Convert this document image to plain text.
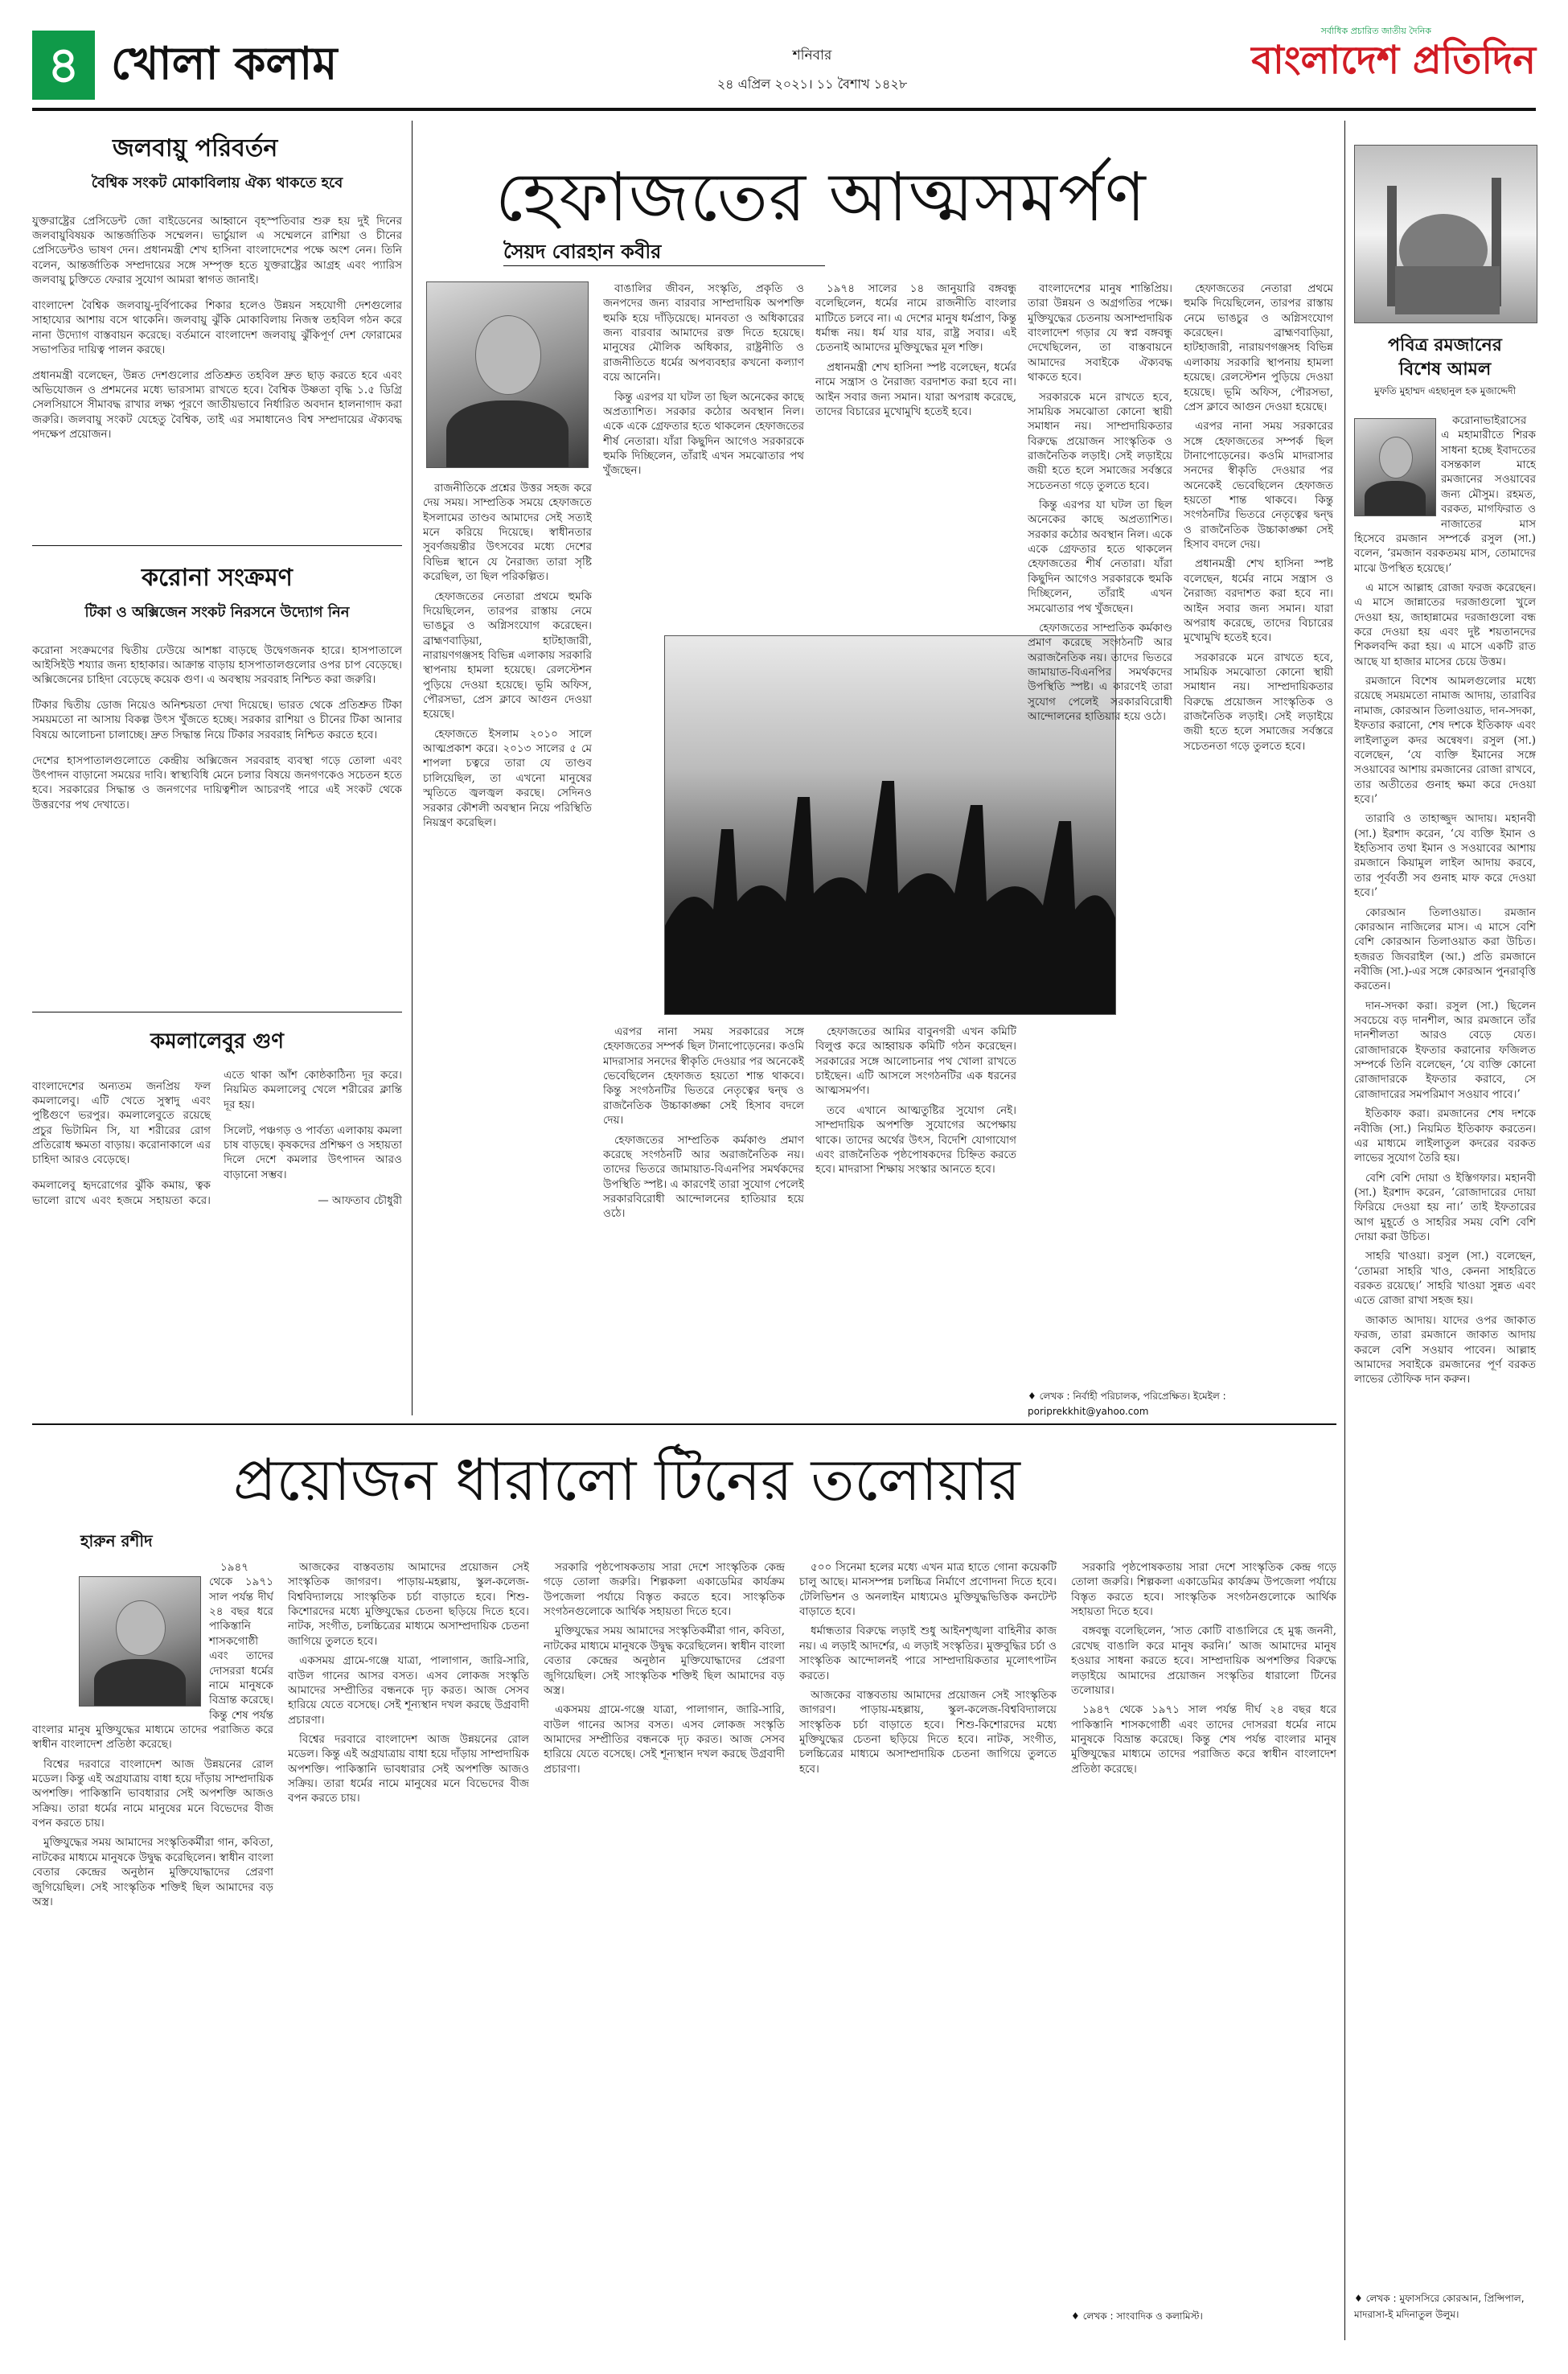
৪ খোলা কলাম	শনিবার
২৪ এপ্রিল ২০২১। ১১ বৈশাখ ১৪২৮
সর্বাধিক প্রচারিত জাতীয় দৈনিক
বাংলাদেশ প্রতিদিন
জলবায়ু পরিবর্তন
বৈশ্বিক সংকট মোকাবিলায় ঐক্য থাকতে হবে

যুক্তরাষ্ট্রের প্রেসিডেন্ট জো বাইডেনের আহ্বানে বৃহস্পতিবার শুরু হয় দুই দিনের জলবায়ুবিষয়ক আন্তর্জাতিক সম্মেলন। ভার্চুয়াল এ সম্মেলনে রাশিয়া ও চীনের প্রেসিডেন্টও ভাষণ দেন। প্রধানমন্ত্রী শেখ হাসিনা বাংলাদেশের পক্ষে অংশ নেন। তিনি বলেন, আন্তর্জাতিক সম্প্রদায়ের সঙ্গে সম্পৃক্ত হতে যুক্তরাষ্ট্রের আগ্রহ এবং প্যারিস জলবায়ু চুক্তিতে ফেরার সুযোগ আমরা স্বাগত জানাই।

বাংলাদেশ বৈশ্বিক জলবায়ু-দুর্বিপাকের শিকার হলেও উন্নয়ন সহযোগী দেশগুলোর সাহায্যের আশায় বসে থাকেনি। জলবায়ু ঝুঁকি মোকাবিলায় নিজস্ব তহবিল গঠন করে নানা উদ্যোগ বাস্তবায়ন করেছে। বর্তমানে বাংলাদেশ জলবায়ু ঝুঁকিপূর্ণ দেশ ফোরামের সভাপতির দায়িত্ব পালন করছে।

প্রধানমন্ত্রী বলেছেন, উন্নত দেশগুলোর প্রতিশ্রুত তহবিল দ্রুত ছাড় করতে হবে এবং অভিযোজন ও প্রশমনের মধ্যে ভারসাম্য রাখতে হবে। বৈশ্বিক উষ্ণতা বৃদ্ধি ১.৫ ডিগ্রি সেলসিয়াসে সীমাবদ্ধ রাখার লক্ষ্য পূরণে জাতীয়ভাবে নির্ধারিত অবদান হালনাগাদ করা জরুরি। জলবায়ু সংকট যেহেতু বৈশ্বিক, তাই এর সমাধানেও বিশ্ব সম্প্রদায়ের ঐক্যবদ্ধ পদক্ষেপ প্রয়োজন।

করোনা সংক্রমণ
টিকা ও অক্সিজেন সংকট নিরসনে উদ্যোগ নিন

করোনা সংক্রমণের দ্বিতীয় ঢেউয়ে আশঙ্কা বাড়ছে উদ্বেগজনক হারে। হাসপাতালে আইসিইউ শয্যার জন্য হাহাকার। আক্রান্ত বাড়ায় হাসপাতালগুলোর ওপর চাপ বেড়েছে। অক্সিজেনের চাহিদা বেড়েছে কয়েক গুণ। এ অবস্থায় সরবরাহ নিশ্চিত করা জরুরি।

টিকার দ্বিতীয় ডোজ নিয়েও অনিশ্চয়তা দেখা দিয়েছে। ভারত থেকে প্রতিশ্রুত টিকা সময়মতো না আসায় বিকল্প উৎস খুঁজতে হচ্ছে। সরকার রাশিয়া ও চীনের টিকা আনার বিষয়ে আলোচনা চালাচ্ছে। দ্রুত সিদ্ধান্ত নিয়ে টিকার সরবরাহ নিশ্চিত করতে হবে।

দেশের হাসপাতালগুলোতে কেন্দ্রীয় অক্সিজেন সরবরাহ ব্যবস্থা গড়ে তোলা এবং উৎপাদন বাড়ানো সময়ের দাবি। স্বাস্থ্যবিধি মেনে চলার বিষয়ে জনগণকেও সচেতন হতে হবে। সরকারের সিদ্ধান্ত ও জনগণের দায়িত্বশীল আচরণই পারে এই সংকট থেকে উত্তরণের পথ দেখাতে।

কমলালেবুর গুণ

বাংলাদেশের অন্যতম জনপ্রিয় ফল কমলালেবু। এটি খেতে সুস্বাদু এবং পুষ্টিগুণে ভরপুর। কমলালেবুতে রয়েছে প্রচুর ভিটামিন সি, যা শরীরের রোগ প্রতিরোধ ক্ষমতা বাড়ায়। করোনাকালে এর চাহিদা আরও বেড়েছে।

কমলালেবু হৃদরোগের ঝুঁকি কমায়, ত্বক ভালো রাখে এবং হজমে সহায়তা করে। এতে থাকা আঁশ কোষ্ঠকাঠিন্য দূর করে। নিয়মিত কমলালেবু খেলে শরীরের ক্লান্তি দূর হয়।

সিলেট, পঞ্চগড় ও পার্বত্য এলাকায় কমলা চাষ বাড়ছে। কৃষকদের প্রশিক্ষণ ও সহায়তা দিলে দেশে কমলার উৎপাদন আরও বাড়ানো সম্ভব।

— আফতাব চৌধুরী

হেফাজতের আত্মসমর্পণ
সৈয়দ বোরহান কবীর

রাজনীতিকে প্রশ্নের উত্তর সহজ করে দেয় সময়। সাম্প্রতিক সময়ে হেফাজতে ইসলামের তাণ্ডব আমাদের সেই সত্যই মনে করিয়ে দিয়েছে। স্বাধীনতার সুবর্ণজয়ন্তীর উৎসবের মধ্যে দেশের বিভিন্ন স্থানে যে নৈরাজ্য তারা সৃষ্টি করেছিল, তা ছিল পরিকল্পিত।

হেফাজতের নেতারা প্রথমে হুমকি দিয়েছিলেন, তারপর রাস্তায় নেমে ভাঙচুর ও অগ্নিসংযোগ করেছেন। ব্রাহ্মণবাড়িয়া, হাটহাজারী, নারায়ণগঞ্জসহ বিভিন্ন এলাকায় সরকারি স্থাপনায় হামলা হয়েছে। রেলস্টেশন পুড়িয়ে দেওয়া হয়েছে। ভূমি অফিস, পৌরসভা, প্রেস ক্লাবে আগুন দেওয়া হয়েছে।

হেফাজতে ইসলাম ২০১০ সালে আত্মপ্রকাশ করে। ২০১৩ সালের ৫ মে শাপলা চত্বরে তারা যে তাণ্ডব চালিয়েছিল, তা এখনো মানুষের স্মৃতিতে জ্বলজ্বল করছে। সেদিনও সরকার কৌশলী অবস্থান নিয়ে পরিস্থিতি নিয়ন্ত্রণ করেছিল।

বাঙালির জীবন, সংস্কৃতি, প্রকৃতি ও জনপদের জন্য বারবার সাম্প্রদায়িক অপশক্তি হুমকি হয়ে দাঁড়িয়েছে। মানবতা ও অধিকারের জন্য বারবার আমাদের রক্ত দিতে হয়েছে। মানুষের মৌলিক অধিকার, রাষ্ট্রনীতি ও রাজনীতিতে ধর্মের অপব্যবহার কখনো কল্যাণ বয়ে আনেনি।

কিন্তু এরপর যা ঘটল তা ছিল অনেকের কাছে অপ্রত্যাশিত। সরকার কঠোর অবস্থান নিল। একে একে গ্রেফতার হতে থাকলেন হেফাজতের শীর্ষ নেতারা। যাঁরা কিছুদিন আগেও সরকারকে হুমকি দিচ্ছিলেন, তাঁরাই এখন সমঝোতার পথ খুঁজছেন।

এরপর নানা সময় সরকারের সঙ্গে হেফাজতের সম্পর্ক ছিল টানাপোড়েনের। কওমি মাদরাসার সনদের স্বীকৃতি দেওয়ার পর অনেকেই ভেবেছিলেন হেফাজত হয়তো শান্ত থাকবে। কিন্তু সংগঠনটির ভিতরে নেতৃত্বের দ্বন্দ্ব ও রাজনৈতিক উচ্চাকাঙ্ক্ষা সেই হিসাব বদলে দেয়।

হেফাজতের সাম্প্রতিক কর্মকাণ্ড প্রমাণ করেছে সংগঠনটি আর অরাজনৈতিক নয়। তাদের ভিতরে জামায়াত-বিএনপির সমর্থকদের উপস্থিতি স্পষ্ট। এ কারণেই তারা সুযোগ পেলেই সরকারবিরোধী আন্দোলনের হাতিয়ার হয়ে ওঠে।

১৯৭৪ সালের ১৪ জানুয়ারি বঙ্গবন্ধু বলেছিলেন, ধর্মের নামে রাজনীতি বাংলার মাটিতে চলবে না। এ দেশের মানুষ ধর্মপ্রাণ, কিন্তু ধর্মান্ধ নয়। ধর্ম যার যার, রাষ্ট্র সবার। এই চেতনাই আমাদের মুক্তিযুদ্ধের মূল শক্তি।

প্রধানমন্ত্রী শেখ হাসিনা স্পষ্ট বলেছেন, ধর্মের নামে সন্ত্রাস ও নৈরাজ্য বরদাশত করা হবে না। আইন সবার জন্য সমান। যারা অপরাধ করেছে, তাদের বিচারের মুখোমুখি হতেই হবে।

হেফাজতের আমির বাবুনগরী এখন কমিটি বিলুপ্ত করে আহ্বায়ক কমিটি গঠন করেছেন। সরকারের সঙ্গে আলোচনার পথ খোলা রাখতে চাইছেন। এটি আসলে সংগঠনটির এক ধরনের আত্মসমর্পণ।

তবে এখানে আত্মতুষ্টির সুযোগ নেই। সাম্প্রদায়িক অপশক্তি সুযোগের অপেক্ষায় থাকে। তাদের অর্থের উৎস, বিদেশি যোগাযোগ এবং রাজনৈতিক পৃষ্ঠপোষকদের চিহ্নিত করতে হবে। মাদরাসা শিক্ষায় সংস্কার আনতে হবে।

বাংলাদেশের মানুষ শান্তিপ্রিয়। তারা উন্নয়ন ও অগ্রগতির পক্ষে। মুক্তিযুদ্ধের চেতনায় অসাম্প্রদায়িক বাংলাদেশ গড়ার যে স্বপ্ন বঙ্গবন্ধু দেখেছিলেন, তা বাস্তবায়নে আমাদের সবাইকে ঐক্যবদ্ধ থাকতে হবে।

সরকারকে মনে রাখতে হবে, সাময়িক সমঝোতা কোনো স্থায়ী সমাধান নয়। সাম্প্রদায়িকতার বিরুদ্ধে প্রয়োজন সাংস্কৃতিক ও রাজনৈতিক লড়াই। সেই লড়াইয়ে জয়ী হতে হলে সমাজের সর্বস্তরে সচেতনতা গড়ে তুলতে হবে।

কিন্তু এরপর যা ঘটল তা ছিল অনেকের কাছে অপ্রত্যাশিত। সরকার কঠোর অবস্থান নিল। একে একে গ্রেফতার হতে থাকলেন হেফাজতের শীর্ষ নেতারা। যাঁরা কিছুদিন আগেও সরকারকে হুমকি দিচ্ছিলেন, তাঁরাই এখন সমঝোতার পথ খুঁজছেন।

হেফাজতের সাম্প্রতিক কর্মকাণ্ড প্রমাণ করেছে সংগঠনটি আর অরাজনৈতিক নয়। তাদের ভিতরে জামায়াত-বিএনপির সমর্থকদের উপস্থিতি স্পষ্ট। এ কারণেই তারা সুযোগ পেলেই সরকারবিরোধী আন্দোলনের হাতিয়ার হয়ে ওঠে।

হেফাজতের নেতারা প্রথমে হুমকি দিয়েছিলেন, তারপর রাস্তায় নেমে ভাঙচুর ও অগ্নিসংযোগ করেছেন। ব্রাহ্মণবাড়িয়া, হাটহাজারী, নারায়ণগঞ্জসহ বিভিন্ন এলাকায় সরকারি স্থাপনায় হামলা হয়েছে। রেলস্টেশন পুড়িয়ে দেওয়া হয়েছে। ভূমি অফিস, পৌরসভা, প্রেস ক্লাবে আগুন দেওয়া হয়েছে।

এরপর নানা সময় সরকারের সঙ্গে হেফাজতের সম্পর্ক ছিল টানাপোড়েনের। কওমি মাদরাসার সনদের স্বীকৃতি দেওয়ার পর অনেকেই ভেবেছিলেন হেফাজত হয়তো শান্ত থাকবে। কিন্তু সংগঠনটির ভিতরে নেতৃত্বের দ্বন্দ্ব ও রাজনৈতিক উচ্চাকাঙ্ক্ষা সেই হিসাব বদলে দেয়।

প্রধানমন্ত্রী শেখ হাসিনা স্পষ্ট বলেছেন, ধর্মের নামে সন্ত্রাস ও নৈরাজ্য বরদাশত করা হবে না। আইন সবার জন্য সমান। যারা অপরাধ করেছে, তাদের বিচারের মুখোমুখি হতেই হবে।

সরকারকে মনে রাখতে হবে, সাময়িক সমঝোতা কোনো স্থায়ী সমাধান নয়। সাম্প্রদায়িকতার বিরুদ্ধে প্রয়োজন সাংস্কৃতিক ও রাজনৈতিক লড়াই। সেই লড়াইয়ে জয়ী হতে হলে সমাজের সর্বস্তরে সচেতনতা গড়ে তুলতে হবে।

♦ লেখক : নির্বাহী পরিচালক, পরিপ্রেক্ষিত। ইমেইল : poriprekkhit@yahoo.com
পবিত্র রমজানের
বিশেষ আমল
মুফতি মুহাম্মদ এহছানুল হক মুজাদ্দেদী

করোনাভাইরাসের এ মহামারীতে শিরক সাধনা হচ্ছে ইবাদতের বসন্তকাল মাহে রমজানের সওয়াবের জন্য মৌসুম। রহমত, বরকত, মাগফিরাত ও নাজাতের মাস হিসেবে রমজান সম্পর্কে রসুল (সা.) বলেন, ‘রমজান বরকতময় মাস, তোমাদের মাঝে উপস্থিত হয়েছে।’

এ মাসে আল্লাহ রোজা ফরজ করেছেন। এ মাসে জান্নাতের দরজাগুলো খুলে দেওয়া হয়, জাহান্নামের দরজাগুলো বন্ধ করে দেওয়া হয় এবং দুষ্ট শয়তানদের শিকলবন্দি করা হয়। এ মাসে একটি রাত আছে যা হাজার মাসের চেয়ে উত্তম।

রমজানে বিশেষ আমলগুলোর মধ্যে রয়েছে সময়মতো নামাজ আদায়, তারাবির নামাজ, কোরআন তিলাওয়াত, দান-সদকা, ইফতার করানো, শেষ দশকে ইতিকাফ এবং লাইলাতুল কদর অন্বেষণ। রসুল (সা.) বলেছেন, ‘যে ব্যক্তি ইমানের সঙ্গে সওয়াবের আশায় রমজানের রোজা রাখবে, তার অতীতের গুনাহ ক্ষমা করে দেওয়া হবে।’

তারাবি ও তাহাজ্জুদ আদায়। মহানবী (সা.) ইরশাদ করেন, ‘যে ব্যক্তি ইমান ও ইহতিসাব তথা ইমান ও সওয়াবের আশায় রমজানে কিয়ামুল লাইল আদায় করবে, তার পূর্ববর্তী সব গুনাহ মাফ করে দেওয়া হবে।’

কোরআন তিলাওয়াত। রমজান কোরআন নাজিলের মাস। এ মাসে বেশি বেশি কোরআন তিলাওয়াত করা উচিত। হজরত জিবরাইল (আ.) প্রতি রমজানে নবীজি (সা.)-এর সঙ্গে কোরআন পুনরাবৃত্তি করতেন।

দান-সদকা করা। রসুল (সা.) ছিলেন সবচেয়ে বড় দানশীল, আর রমজানে তাঁর দানশীলতা আরও বেড়ে যেত। রোজাদারকে ইফতার করানোর ফজিলত সম্পর্কে তিনি বলেছেন, ‘যে ব্যক্তি কোনো রোজাদারকে ইফতার করাবে, সে রোজাদারের সমপরিমাণ সওয়াব পাবে।’

ইতিকাফ করা। রমজানের শেষ দশকে নবীজি (সা.) নিয়মিত ইতিকাফ করতেন। এর মাধ্যমে লাইলাতুল কদরের বরকত লাভের সুযোগ তৈরি হয়।

বেশি বেশি দোয়া ও ইস্তিগফার। মহানবী (সা.) ইরশাদ করেন, ‘রোজাদারের দোয়া ফিরিয়ে দেওয়া হয় না।’ তাই ইফতারের আগ মুহূর্তে ও সাহরির সময় বেশি বেশি দোয়া করা উচিত।

সাহরি খাওয়া। রসুল (সা.) বলেছেন, ‘তোমরা সাহরি খাও, কেননা সাহরিতে বরকত রয়েছে।’ সাহরি খাওয়া সুন্নত এবং এতে রোজা রাখা সহজ হয়।

জাকাত আদায়। যাদের ওপর জাকাত ফরজ, তারা রমজানে জাকাত আদায় করলে বেশি সওয়াব পাবেন। আল্লাহ আমাদের সবাইকে রমজানের পূর্ণ বরকত লাভের তৌফিক দান করুন।

♦ লেখক : মুফাসসিরে কোরআন, প্রিন্সিপাল, মাদরাসা-ই মদিনাতুল উলুম।
প্রয়োজন ধারালো টিনের তলোয়ার
হারুন রশীদ

১৯৪৭ থেকে ১৯৭১ সাল পর্যন্ত দীর্ঘ ২৪ বছর ধরে পাকিস্তানি শাসকগোষ্ঠী এবং তাদের দোসররা ধর্মের নামে মানুষকে বিভ্রান্ত করেছে। কিন্তু শেষ পর্যন্ত বাংলার মানুষ মুক্তিযুদ্ধের মাধ্যমে তাদের পরাজিত করে স্বাধীন বাংলাদেশ প্রতিষ্ঠা করেছে।

বিশ্বের দরবারে বাংলাদেশ আজ উন্নয়নের রোল মডেল। কিন্তু এই অগ্রযাত্রায় বাধা হয়ে দাঁড়ায় সাম্প্রদায়িক অপশক্তি। পাকিস্তানি ভাবধারার সেই অপশক্তি আজও সক্রিয়। তারা ধর্মের নামে মানুষের মনে বিভেদের বীজ বপন করতে চায়।

মুক্তিযুদ্ধের সময় আমাদের সংস্কৃতিকর্মীরা গান, কবিতা, নাটকের মাধ্যমে মানুষকে উদ্বুদ্ধ করেছিলেন। স্বাধীন বাংলা বেতার কেন্দ্রের অনুষ্ঠান মুক্তিযোদ্ধাদের প্রেরণা জুগিয়েছিল। সেই সাংস্কৃতিক শক্তিই ছিল আমাদের বড় অস্ত্র।

আজকের বাস্তবতায় আমাদের প্রয়োজন সেই সাংস্কৃতিক জাগরণ। পাড়ায়-মহল্লায়, স্কুল-কলেজ-বিশ্ববিদ্যালয়ে সাংস্কৃতিক চর্চা বাড়াতে হবে। শিশু-কিশোরদের মধ্যে মুক্তিযুদ্ধের চেতনা ছড়িয়ে দিতে হবে। নাটক, সংগীত, চলচ্চিত্রের মাধ্যমে অসাম্প্রদায়িক চেতনা জাগিয়ে তুলতে হবে।

একসময় গ্রামে-গঞ্জে যাত্রা, পালাগান, জারি-সারি, বাউল গানের আসর বসত। এসব লোকজ সংস্কৃতি আমাদের সম্প্রীতির বন্ধনকে দৃঢ় করত। আজ সেসব হারিয়ে যেতে বসেছে। সেই শূন্যস্থান দখল করছে উগ্রবাদী প্রচারণা।

বিশ্বের দরবারে বাংলাদেশ আজ উন্নয়নের রোল মডেল। কিন্তু এই অগ্রযাত্রায় বাধা হয়ে দাঁড়ায় সাম্প্রদায়িক অপশক্তি। পাকিস্তানি ভাবধারার সেই অপশক্তি আজও সক্রিয়। তারা ধর্মের নামে মানুষের মনে বিভেদের বীজ বপন করতে চায়।

সরকারি পৃষ্ঠপোষকতায় সারা দেশে সাংস্কৃতিক কেন্দ্র গড়ে তোলা জরুরি। শিল্পকলা একাডেমির কার্যক্রম উপজেলা পর্যায়ে বিস্তৃত করতে হবে। সাংস্কৃতিক সংগঠনগুলোকে আর্থিক সহায়তা দিতে হবে।

মুক্তিযুদ্ধের সময় আমাদের সংস্কৃতিকর্মীরা গান, কবিতা, নাটকের মাধ্যমে মানুষকে উদ্বুদ্ধ করেছিলেন। স্বাধীন বাংলা বেতার কেন্দ্রের অনুষ্ঠান মুক্তিযোদ্ধাদের প্রেরণা জুগিয়েছিল। সেই সাংস্কৃতিক শক্তিই ছিল আমাদের বড় অস্ত্র।

একসময় গ্রামে-গঞ্জে যাত্রা, পালাগান, জারি-সারি, বাউল গানের আসর বসত। এসব লোকজ সংস্কৃতি আমাদের সম্প্রীতির বন্ধনকে দৃঢ় করত। আজ সেসব হারিয়ে যেতে বসেছে। সেই শূন্যস্থান দখল করছে উগ্রবাদী প্রচারণা।

৫০০ সিনেমা হলের মধ্যে এখন মাত্র হাতে গোনা কয়েকটি চালু আছে। মানসম্পন্ন চলচ্চিত্র নির্মাণে প্রণোদনা দিতে হবে। টেলিভিশন ও অনলাইন মাধ্যমেও মুক্তিযুদ্ধভিত্তিক কনটেন্ট বাড়াতে হবে।

ধর্মান্ধতার বিরুদ্ধে লড়াই শুধু আইনশৃঙ্খলা বাহিনীর কাজ নয়। এ লড়াই আদর্শের, এ লড়াই সংস্কৃতির। মুক্তবুদ্ধির চর্চা ও সাংস্কৃতিক আন্দোলনই পারে সাম্প্রদায়িকতার মূলোৎপাটন করতে।

আজকের বাস্তবতায় আমাদের প্রয়োজন সেই সাংস্কৃতিক জাগরণ। পাড়ায়-মহল্লায়, স্কুল-কলেজ-বিশ্ববিদ্যালয়ে সাংস্কৃতিক চর্চা বাড়াতে হবে। শিশু-কিশোরদের মধ্যে মুক্তিযুদ্ধের চেতনা ছড়িয়ে দিতে হবে। নাটক, সংগীত, চলচ্চিত্রের মাধ্যমে অসাম্প্রদায়িক চেতনা জাগিয়ে তুলতে হবে।

সরকারি পৃষ্ঠপোষকতায় সারা দেশে সাংস্কৃতিক কেন্দ্র গড়ে তোলা জরুরি। শিল্পকলা একাডেমির কার্যক্রম উপজেলা পর্যায়ে বিস্তৃত করতে হবে। সাংস্কৃতিক সংগঠনগুলোকে আর্থিক সহায়তা দিতে হবে।

বঙ্গবন্ধু বলেছিলেন, ‘সাত কোটি বাঙালিরে হে মুগ্ধ জননী, রেখেছ বাঙালি করে মানুষ করনি।’ আজ আমাদের মানুষ হওয়ার সাধনা করতে হবে। সাম্প্রদায়িক অপশক্তির বিরুদ্ধে লড়াইয়ে আমাদের প্রয়োজন সংস্কৃতির ধারালো টিনের তলোয়ার।

১৯৪৭ থেকে ১৯৭১ সাল পর্যন্ত দীর্ঘ ২৪ বছর ধরে পাকিস্তানি শাসকগোষ্ঠী এবং তাদের দোসররা ধর্মের নামে মানুষকে বিভ্রান্ত করেছে। কিন্তু শেষ পর্যন্ত বাংলার মানুষ মুক্তিযুদ্ধের মাধ্যমে তাদের পরাজিত করে স্বাধীন বাংলাদেশ প্রতিষ্ঠা করেছে।

♦ লেখক : সাংবাদিক ও কলামিস্ট।
